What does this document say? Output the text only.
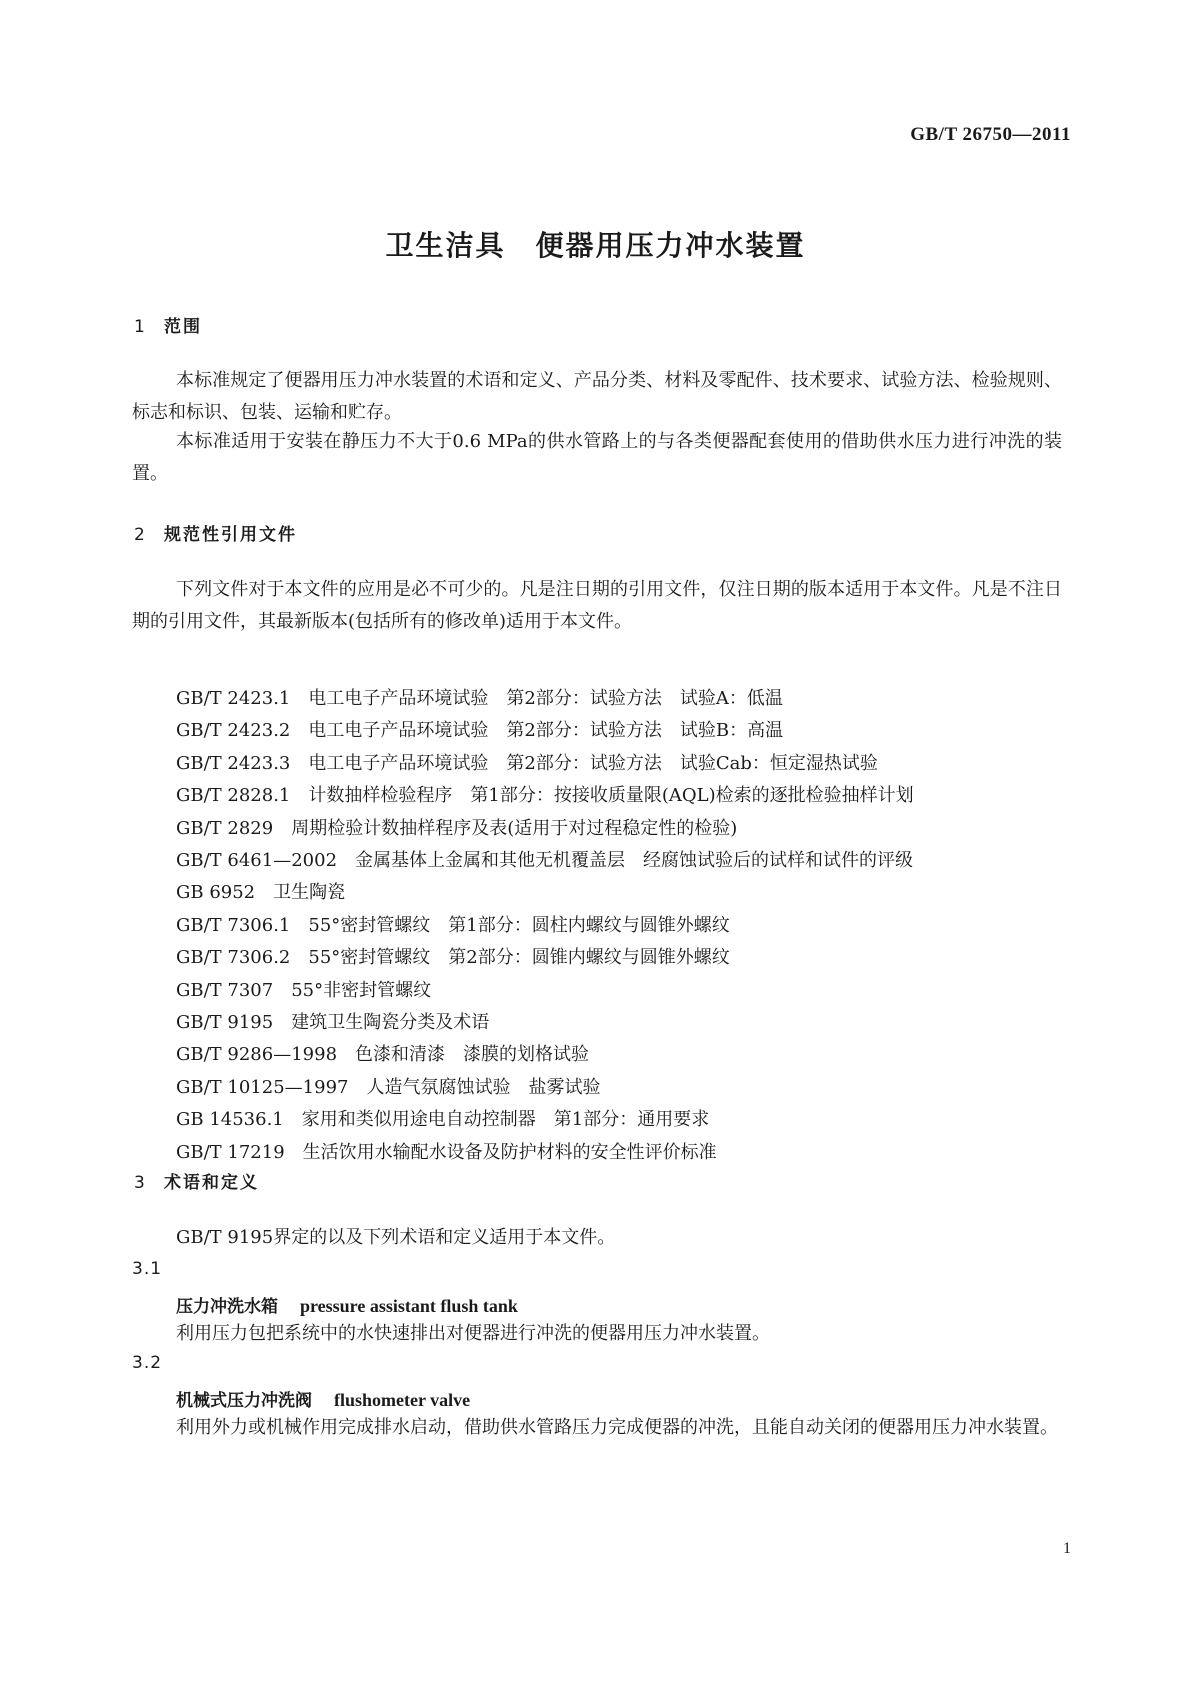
GB/T 26750—2011
卫生洁具　便器用压力冲水装置
1 范围
本标准规定了便器用压力冲水装置的术语和定义、产品分类、材料及零配件、技术要求、试验方法、检验规则、标志和标识、包装、运输和贮存。
本标准适用于安装在静压力不大于0.6 MPa的供水管路上的与各类便器配套使用的借助供水压力进行冲洗的装置。
2 规范性引用文件
下列文件对于本文件的应用是必不可少的。凡是注日期的引用文件，仅注日期的版本适用于本文件。凡是不注日期的引用文件，其最新版本(包括所有的修改单)适用于本文件。
GB/T 2423.1 电工电子产品环境试验　第2部分：试验方法　试验A：低温
GB/T 2423.2 电工电子产品环境试验　第2部分：试验方法　试验B：高温
GB/T 2423.3 电工电子产品环境试验　第2部分：试验方法　试验Cab：恒定湿热试验
GB/T 2828.1 计数抽样检验程序　第1部分：按接收质量限(AQL)检索的逐批检验抽样计划
GB/T 2829 周期检验计数抽样程序及表(适用于对过程稳定性的检验)
GB/T 6461—2002 金属基体上金属和其他无机覆盖层　经腐蚀试验后的试样和试件的评级
GB 6952 卫生陶瓷
GB/T 7306.1 55°密封管螺纹　第1部分：圆柱内螺纹与圆锥外螺纹
GB/T 7306.2 55°密封管螺纹　第2部分：圆锥内螺纹与圆锥外螺纹
GB/T 7307 55°非密封管螺纹
GB/T 9195 建筑卫生陶瓷分类及术语
GB/T 9286—1998 色漆和清漆　漆膜的划格试验
GB/T 10125—1997 人造气氛腐蚀试验　盐雾试验
GB 14536.1 家用和类似用途电自动控制器　第1部分：通用要求
GB/T 17219 生活饮用水输配水设备及防护材料的安全性评价标准
3 术语和定义
GB/T 9195界定的以及下列术语和定义适用于本文件。
3.1
压力冲洗水箱 pressure assistant flush tank
利用压力包把系统中的水快速排出对便器进行冲洗的便器用压力冲水装置。
3.2
机械式压力冲洗阀 flushometer valve
利用外力或机械作用完成排水启动，借助供水管路压力完成便器的冲洗，且能自动关闭的便器用压力冲水装置。
1
